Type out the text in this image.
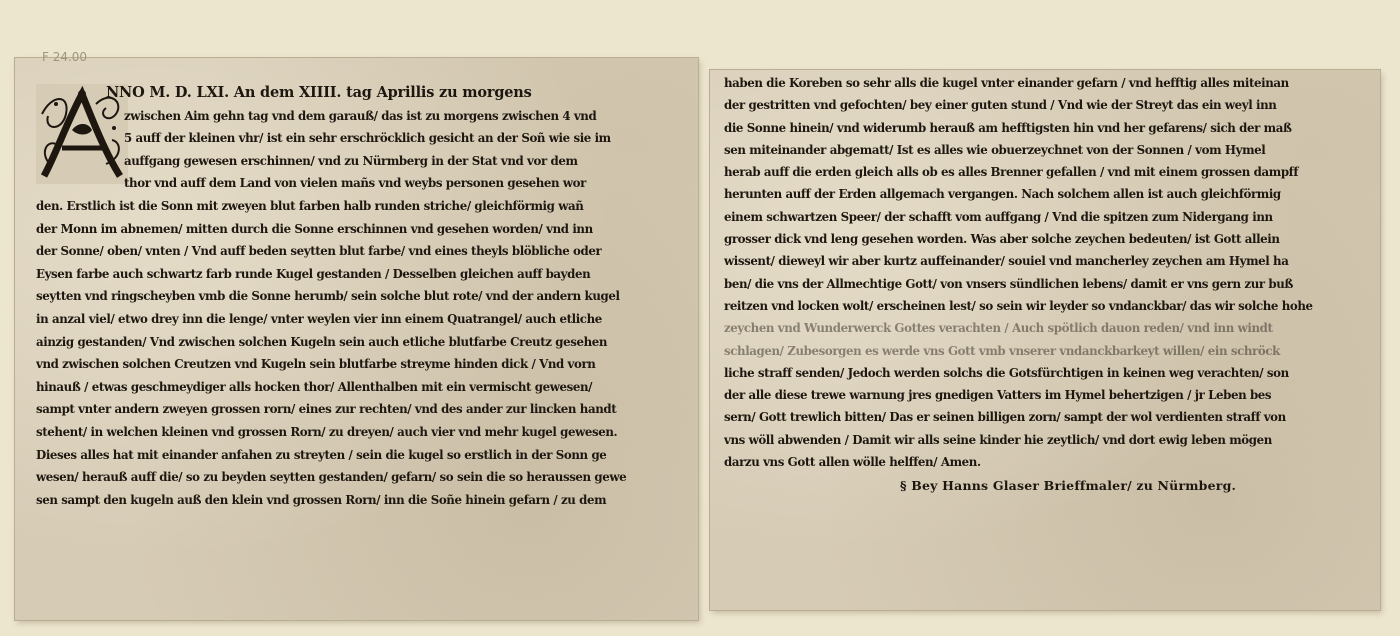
F 24.00
NNO M. D. LXI. An dem XIIII. tag Aprillis zu morgens
zwischen Aim gehn tag vnd dem garauß/ das ist zu morgens zwischen 4 vnd
5 auff der kleinen vhr/ ist ein sehr erschröcklich gesicht an der Soñ wie sie im
auffgang gewesen erschinnen/ vnd zu Nürmberg in der Stat vnd vor dem
thor vnd auff dem Land von vielen mañs vnd weybs personen gesehen wor
den. Erstlich ist die Sonn mit zweyen blut farben halb runden striche/ gleichförmig wañ
der Monn im abnemen/ mitten durch die Sonne erschinnen vnd gesehen worden/ vnd inn
der Sonne/ oben/ vnten / Vnd auff beden seytten blut farbe/ vnd eines theyls blöbliche oder
Eysen farbe auch schwartz farb runde Kugel gestanden / Desselben gleichen auff bayden
seytten vnd ringscheyben vmb die Sonne herumb/ sein solche blut rote/ vnd der andern kugel
in anzal viel/ etwo drey inn die lenge/ vnter weylen vier inn einem Quatrangel/ auch etliche
ainzig gestanden/ Vnd zwischen solchen Kugeln sein auch etliche blutfarbe Creutz gesehen
vnd zwischen solchen Creutzen vnd Kugeln sein blutfarbe streyme hinden dick / Vnd vorn
hinauß / etwas geschmeydiger alls hocken thor/ Allenthalben mit ein vermischt gewesen/
sampt vnter andern zweyen grossen rorn/ eines zur rechten/ vnd des ander zur lincken handt
stehent/ in welchen kleinen vnd grossen Rorn/ zu dreyen/ auch vier vnd mehr kugel gewesen.
Dieses alles hat mit einander anfahen zu streyten / sein die kugel so erstlich in der Sonn ge
wesen/ herauß auff die/ so zu beyden seytten gestanden/ gefarn/ so sein die so heraussen gewe
sen sampt den kugeln auß den klein vnd grossen Rorn/ inn die Soñe hinein gefarn / zu dem
haben die Koreben so sehr alls die kugel vnter einander gefarn / vnd hefftig alles miteinan
der gestritten vnd gefochten/ bey einer guten stund / Vnd wie der Streyt das ein weyl inn
die Sonne hinein/ vnd widerumb herauß am hefftigsten hin vnd her gefarens/ sich der maß
sen miteinander abgematt/ Ist es alles wie obuerzeychnet von der Sonnen / vom Hymel
herab auff die erden gleich alls ob es alles Brenner gefallen / vnd mit einem grossen dampff
herunten auff der Erden allgemach vergangen. Nach solchem allen ist auch gleichförmig
einem schwartzen Speer/ der schafft vom auffgang / Vnd die spitzen zum Nidergang inn
grosser dick vnd leng gesehen worden. Was aber solche zeychen bedeuten/ ist Gott allein
wissent/ dieweyl wir aber kurtz auffeinander/ souiel vnd mancherley zeychen am Hymel ha
ben/ die vns der Allmechtige Gott/ von vnsers sündlichen lebens/ damit er vns gern zur buß
reitzen vnd locken wolt/ erscheinen lest/ so sein wir leyder so vndanckbar/ das wir solche hohe
zeychen vnd Wunderwerck Gottes verachten / Auch spötlich dauon reden/ vnd inn windt
schlagen/ Zubesorgen es werde vns Gott vmb vnserer vndanckbarkeyt willen/ ein schröck
liche straff senden/ Jedoch werden solchs die Gotsfürchtigen in keinen weg verachten/ son
der alle diese trewe warnung jres gnedigen Vatters im Hymel behertzigen / jr Leben bes
sern/ Gott trewlich bitten/ Das er seinen billigen zorn/ sampt der wol verdienten straff von
vns wöll abwenden / Damit wir alls seine kinder hie zeytlich/ vnd dort ewig leben mögen
darzu vns Gott allen wölle helffen/ Amen.
§ Bey Hanns Glaser Brieffmaler/ zu Nürmberg.
